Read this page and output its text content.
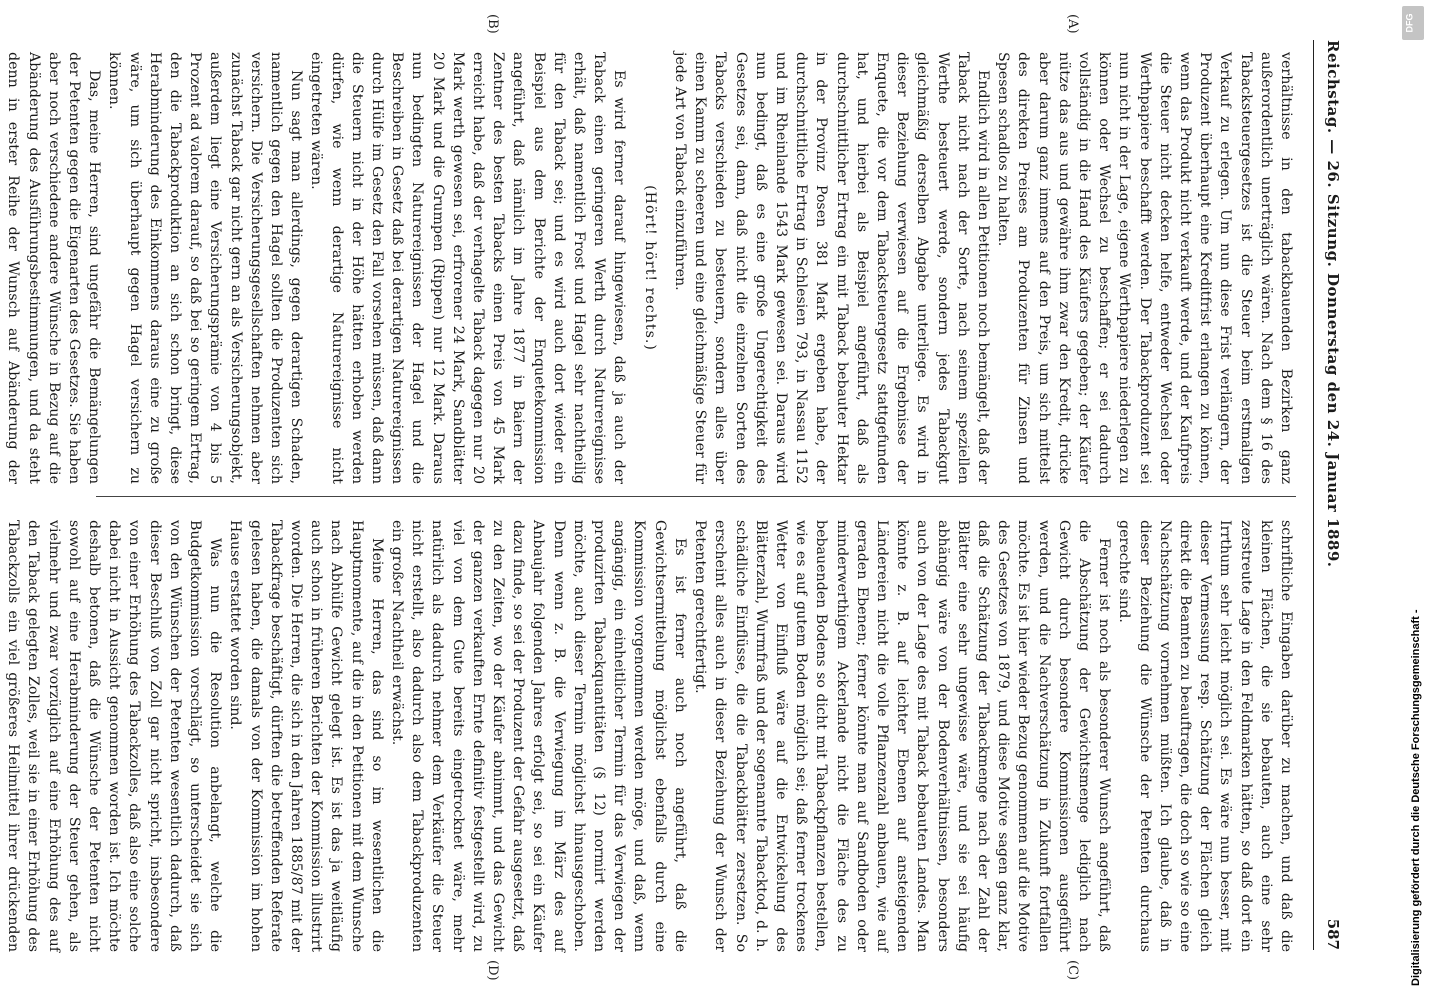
Reichstag. — 26. Sitzung. Donnerstag den 24. Januar 1889.
587
(A)
(B)
(C)
(D)

verhältnisse in den tabackbauenden Bezirken ganz außerordentlich unerträglich wären. Nach dem § 16 des Tabacksteuergesetzes ist die Steuer beim erstmaligen Verkauf zu erlegen. Um nun diese Frist verlängern, der Produzent überhaupt eine Kreditfrist erlangen zu können, wenn das Produkt nicht verkauft werde, und der Kaufpreis die Steuer nicht decken helfe, entweder Wechsel oder Werthpapiere beschafft werden. Der Tabackproduzent sei nun nicht in der Lage, eigene Werthpapiere niederlegen zu können oder Wechsel zu beschaffen; er sei dadurch vollständig in die Hand des Käufers gegeben; der Käufer nütze das aus und gewähre ihm zwar den Kredit, drücke aber darum ganz immens auf den Preis, um sich mittelst des direkten Preises am Produzenten für Zinsen und Spesen schadlos zu halten.

Endlich wird in allen Petitionen noch bemängelt, daß der Taback nicht nach der Sorte, nach seinem speziellen Werthe besteuert werde, sondern jedes Tabackgut gleichmäßig derselben Abgabe unterliege. Es wird in dieser Beziehung verwiesen auf die Ergebnisse der Enquete, die vor dem Tabacksteuergesetz stattgefunden hat, und hierbei als Beispiel angeführt, daß als durchschnittlicher Ertrag ein mit Taback bebauter Hektar in der Provinz Posen 381 Mark ergeben habe, der durchschnittliche Ertrag in Schlesien 793, in Nassau 1152 und im Rheinlande 1543 Mark gewesen sei. Daraus wird nun bedingt, daß es eine große Ungerechtigkeit des Gesetzes sei, dann, daß nicht die einzelnen Sorten des Tabacks verschieden zu besteuern, sondern alles über einen Kamm zu scheeren und eine gleichmäßige Steuer für jede Art von Taback einzuführen.

(Hört! hört! rechts.)

Es wird ferner darauf hingewiesen, daß ja auch der Taback einen geringeren Werth durch Naturereignisse erhält, daß namentlich Frost und Hagel sehr nachtheilig für den Taback sei; und es wird auch dort wieder ein Beispiel aus dem Berichte der Enquetekommission angeführt, daß nämlich im Jahre 1877 in Baiern der Zentner des besten Tabacks einen Preis von 45 Mark erreicht habe, daß der verhagelte Taback dagegen nur 20 Mark werth gewesen sei, erfrorener 24 Mark, Sandblätter 20 Mark und die Grumpen (Rippen) nur 12 Mark. Daraus nun bedingten Naturereignissen der Hagel und die Beschreiben in Gesetz daß bei derartigen Naturereignissen durch Hülfe im Gesetz den Fall vorsehen müssen, daß dann die Steuern nicht in der Höhe hätten erhoben werden dürfen, wie wenn derartige Naturereignisse nicht eingetreten wären.

Nun sagt man allerdings, gegen derartigen Schaden, namentlich gegen den Hagel sollten die Produzenten sich versichern. Die Versicherungsgesellschaften nehmen aber zunächst Taback gar nicht gern an als Versicherungsobjekt, außerdem liegt eine Versicherungsprämie von 4 bis 5 Prozent ad valorem darauf, so daß bei so geringem Ertrag, den die Tabackproduktion an sich schon bringt, diese Herabminderung des Einkommens daraus eine zu große wäre, um sich überhaupt gegen Hagel versichern zu können.

Das, meine Herren, sind ungefähr die Bemängelungen der Petenten gegen die Eigenarten des Gesetzes. Sie haben aber noch verschiedene andere Wünsche in Bezug auf die Abänderung des Ausführungsbestimmungen, und da steht denn in erster Reihe der Wunsch auf Abänderung der

schriftliche Eingaben darüber zu machen, und daß die kleinen Flächen, die sie bebauten, auch eine sehr zerstreute Lage in den Feldmarken hätten, so daß dort ein Irrthum sehr leicht möglich sei. Es wäre nun besser, mit dieser Vermessung resp. Schätzung der Flächen gleich direkt die Beamten zu beauftragen, die doch so wie so eine Nachschätzung vornehmen müßten. Ich glaube, daß in dieser Beziehung die Wünsche der Petenten durchaus gerechte sind.

Ferner ist noch als besonderer Wunsch angeführt, daß die Abschätzung der Gewichtsmenge lediglich nach Gewicht durch besondere Kommissionen ausgeführt werden, und die Nachverschätzung in Zukunft fortfallen möchte. Es ist hier wieder Bezug genommen auf die Motive des Gesetzes von 1879, und diese Motive sagen ganz klar, daß die Schätzung der Tabackmenge nach der Zahl der Blätter eine sehr ungewisse wäre, und sie sei häufig abhängig wäre von der Bodenverhältnissen, besonders auch von der Lage des mit Taback bebauten Landes. Man könnte z. B. auf leichter Ebenen auf ansteigenden Ländereien nicht die volle Pflanzenzahl anbauen, wie auf geraden Ebenen; ferner könnte man auf Sandboden oder minderwerthigem Ackerlande nicht die Fläche des zu bebauenden Bodens so dicht mit Tabackpflanzen bestellen, wie es auf gutem Boden möglich sei; daß ferner trockenes Wetter von Einfluß wäre auf die Entwickelung des Blätterzahl, Wurmfraß und der sogenannte Tabacktod, d. h. schädliche Einflüsse, die die Tabackblätter zersetzen. So erscheint alles auch in dieser Beziehung der Wunsch der Petenten gerechtfertigt.

Es ist ferner auch noch angeführt, daß die Gewichtsermittelung möglichst ebenfalls durch eine Kommission vorgenommen werden möge, und daß, wenn angängig, ein einheitlicher Termin für das Verwiegen der produzirten Tabackquantitäten (§ 12) normirt werden möchte, auch dieser Termin möglichst hinausgeschoben. Denn wenn z. B. die Verwiegung im März des auf Anbaujahr folgenden Jahres erfolgt sei, so sei ein Käufer dazu finde, so sei der Produzent der Gefahr ausgesetzt, daß zu den Zeiten, wo der Käufer abnimmt, und das Gewicht der ganzen verkauften Ernte definitiv festgestellt wird, zu viel von dem Gute bereits eingetrocknet wäre, mehr natürlich als dadurch nehmer dem Verkäufer die Steuer nicht erstellt, also dadurch also dem Tabackproduzenten ein großer Nachtheil erwächst.

Meine Herren, das sind so im wesentlichen die Hauptmomente, auf die in den Petitionen mit dem Wunsche nach Abhülfe Gewicht gelegt ist. Es ist das ja weitläufig auch schon in früheren Berichten der Kommission illustrirt worden. Die Herren, die sich in den Jahren 1885/87 mit der Tabackfrage beschäftigt, dürften die betreffenden Referate gelesen haben, die damals von der Kommission im hohen Hause erstattet worden sind.

Was nun die Resolution anbelangt, welche die Budgetkommission vorschlägt, so unterscheidet sie sich von den Wünschen der Petenten wesentlich dadurch, daß dieser Beschluß von Zoll gar nicht spricht, insbesondere von einer Erhöhung des Tabackzolles, daß also eine solche dabei nicht in Aussicht genommen worden ist. Ich möchte deshalb betonen, daß die Wünsche der Petenten nicht sowohl auf eine Herabminderung der Steuer gehen, als vielmehr und zwar vorzüglich auf eine Erhöhung des auf den Taback gelegten Zolles, weil sie in einer Erhöhung des Tabackzolls ein viel größeres Heilmittel ihrer drückenden

DFG
Digitalisierung gefördert durch die Deutsche Forschungsgemeinschaft -
